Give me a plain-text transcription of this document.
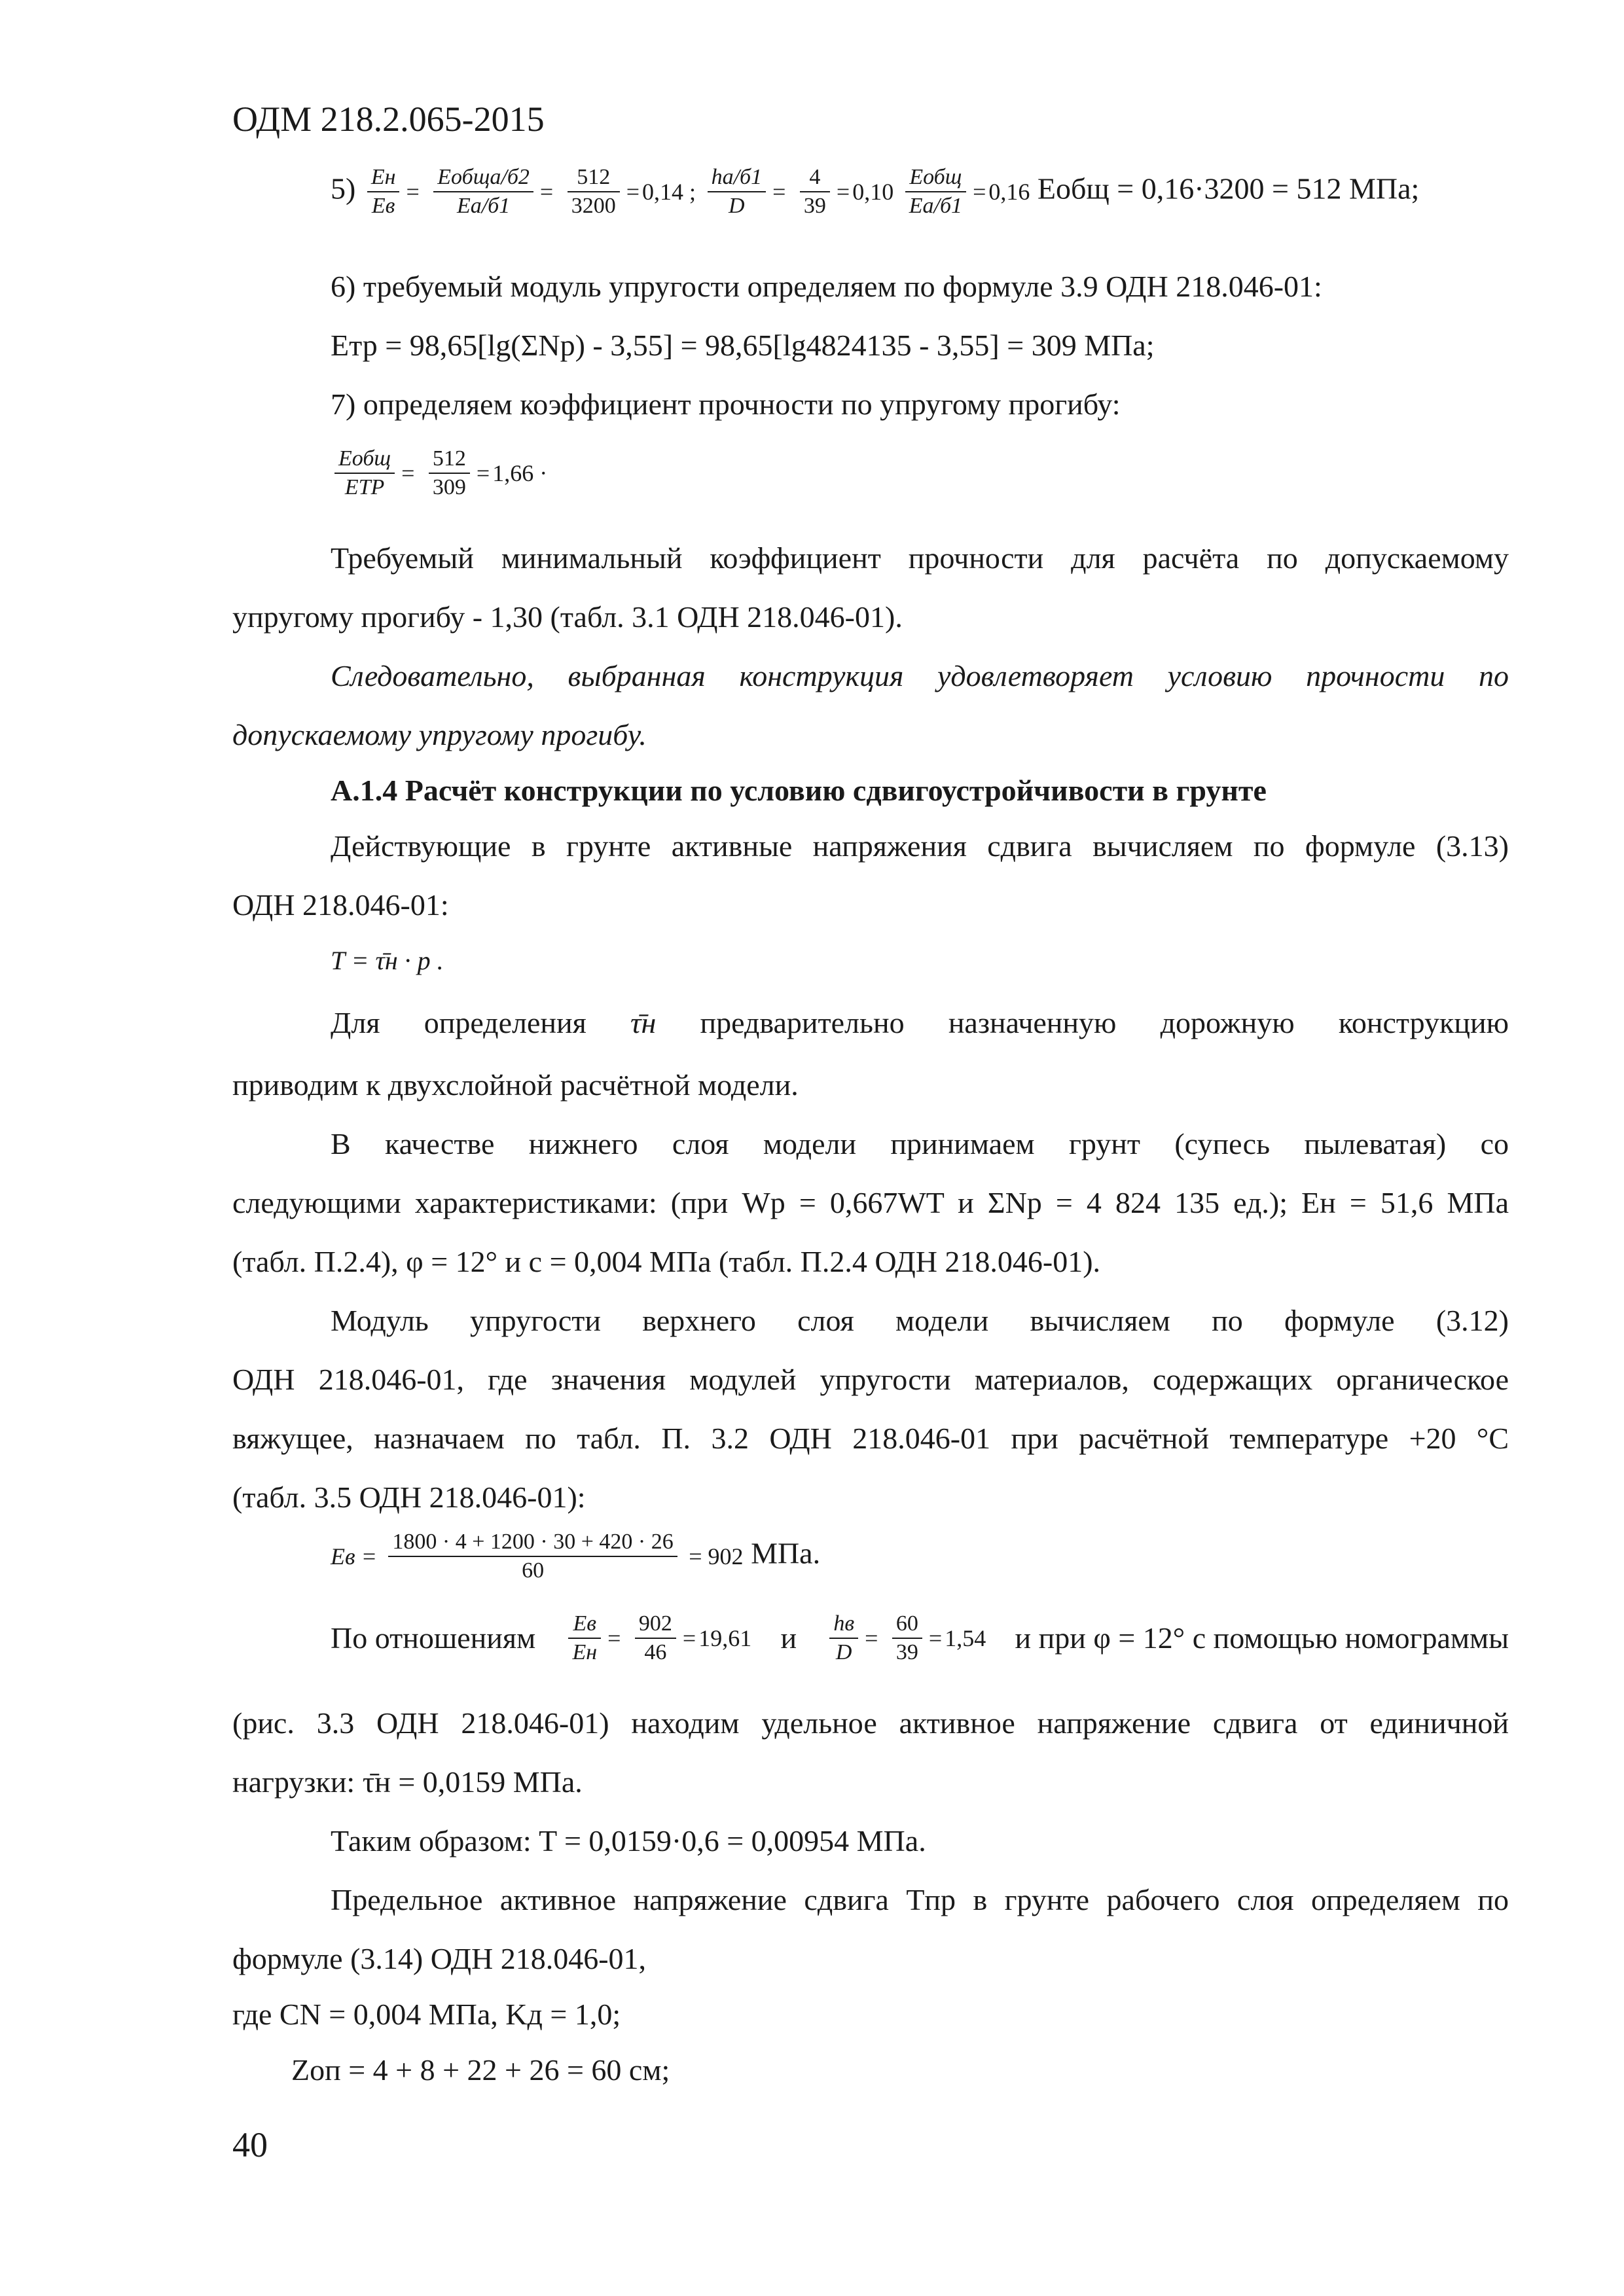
ОДМ 218.2.065-2015
$5) \frac{Eн}{Eв} = \frac{\text{Eобщa/б2}}{Ea/б1} = \frac{512}{3200} = 0,14$ ; $\frac{ha/б1}{D} = \frac{4}{39} = 0,10 \frac{\text{Eобщ}}{Ea/б1} = 0,16$ Eобщ = 0,16·3200 = 512 МПа;
6) требуемый модуль упругости определяем по формуле 3.9 ОДН 218.046-01:
Eтр = 98,65[lg(ΣNр) - 3,55] = 98,65[lg4824135 - 3,55] = 309 МПа;
7) определяем коэффициент прочности по упругому прогибу:
$\frac{\text{Eобщ}}{\text{ETP}} = \frac{512}{309} = 1,66$ ·
Требуемый минимальный коэффициент прочности для расчёта по допускаемому
упругому прогибу - 1,30 (табл. 3.1 ОДН 218.046-01).
Следовательно, выбранная конструкция удовлетворяет условию прочности по
допускаемому упругому прогибу.
А.1.4 Расчёт конструкции по условию сдвигоустройчивости в грунте
Действующие в грунте активные напряжения сдвига вычисляем по формуле (3.13)
ОДН 218.046-01:
T = τ̄н · p .
Для определения τ̄н предварительно назначенную дорожную конструкцию
приводим к двухслойной расчётной модели.
В качестве нижнего слоя модели принимаем грунт (супесь пылеватая) со
следующими характеристиками: (при Wр = 0,667WT и ΣNр = 4 824 135 ед.); Eн = 51,6 МПа
(табл. П.2.4), φ = 12° и c = 0,004 МПа (табл. П.2.4 ОДН 218.046-01).
Модуль упругости верхнего слоя модели вычисляем по формуле (3.12)
ОДН 218.046-01, где значения модулей упругости материалов, содержащих органическое
вяжущее, назначаем по табл. П. 3.2 ОДН 218.046-01 при расчётной температуре +20 °С
(табл. 3.5 ОДН 218.046-01):
Eв = $\frac{1800 \cdot 4 + 1200 \cdot 30 + 420 \cdot 26}{60} = 902$ МПа.
По отношениям $\frac{Eв}{Eн} = \frac{902}{46} = 19,61$ и $\frac{hв}{D} = \frac{60}{39} = 1,54$ и при φ = 12° с помощью номограммы
(рис. 3.3 ОДН 218.046-01) находим удельное активное напряжение сдвига от единичной
нагрузки: τ̄н = 0,0159 МПа.
Таким образом: T = 0,0159·0,6 = 0,00954 МПа.
Предельное активное напряжение сдвига Tпр в грунте рабочего слоя определяем по
формуле (3.14) ОДН 218.046-01,
где CN = 0,004 МПа, Kд = 1,0;
Zоп = 4 + 8 + 22 + 26 = 60 см;
40
